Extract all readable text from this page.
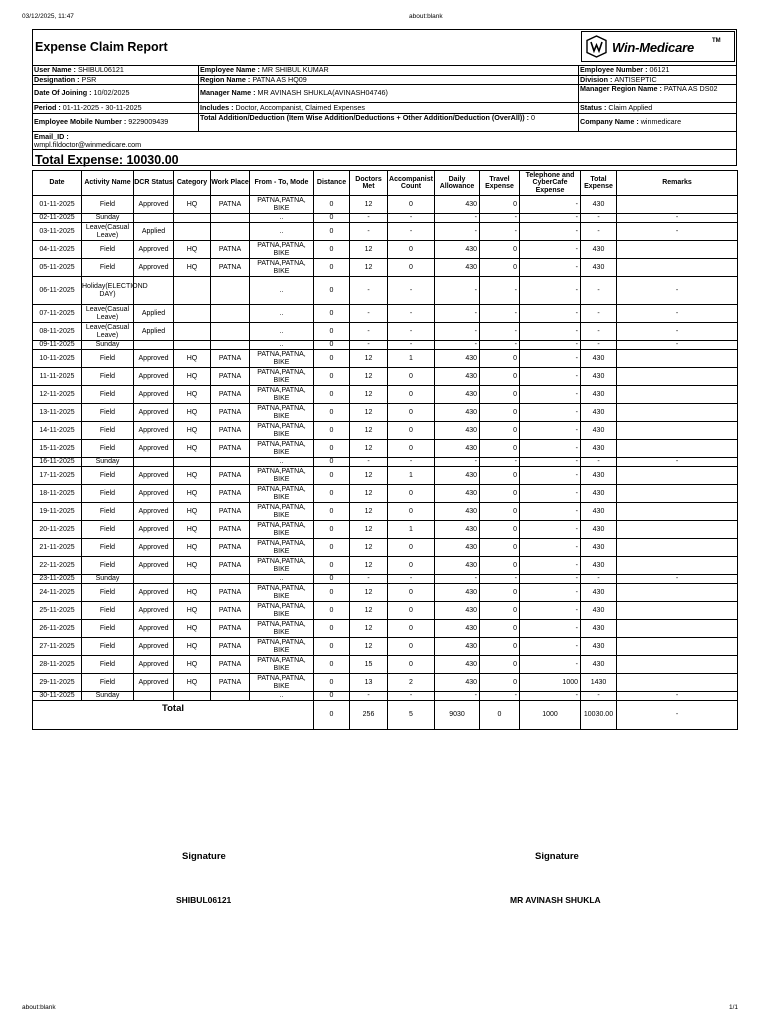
03/12/2025, 11:47	about:blank
Expense Claim Report	Win-Medicare	TM
User Name : SHIBUL06121	Employee Name : MR SHIBUL KUMAR	Employee Number : 06121
Designation : PSR	Region Name : PATNA AS HQ09	Division : ANTISEPTIC
Date Of Joining : 10/02/2025	Manager Name : MR AVINASH SHUKLA(AVINASH04746)	Manager Region Name : PATNA AS DS02
Period : 01-11-2025 - 30-11-2025	Includes : Doctor, Accompanist, Claimed Expenses	Status : Claim Applied
Employee Mobile Number : 9229009439	Total Addition/Deduction (Item Wise Addition/Deductions + Other Addition/Deduction (OverAll)) : 0	Company Name : winmedicare
Email_ID :
wmpl.fildoctor@winmedicare.com
Total Expense: 10030.00
Date	Activity Name	DCR Status	Category	Work Place	From - To, Mode	Distance	Doctors Met	Accompanist Count	Daily Allowance	Travel Expense	Telephone and CyberCafe Expense	Total Expense	Remarks
01-11-2025	Field	Approved	HQ	PATNA	PATNA,PATNA, BIKE	0	12	0	430	0	-	430	
02-11-2025	Sunday				..	0	-	-	-	-	-	-	-
03-11-2025	Leave(Casual Leave)	Applied			..	0	-	-	-	-	-	-	-
04-11-2025	Field	Approved	HQ	PATNA	PATNA,PATNA, BIKE	0	12	0	430	0	-	430	
05-11-2025	Field	Approved	HQ	PATNA	PATNA,PATNA, BIKE	0	12	0	430	0	-	430	
06-11-2025	Holiday(ELECTIOND DAY)				..	0	-	-	-	-	-	-	-
07-11-2025	Leave(Casual Leave)	Applied			..	0	-	-	-	-	-	-	-
08-11-2025	Leave(Casual Leave)	Applied			..	0	-	-	-	-	-	-	-
09-11-2025	Sunday				..	0	-	-	-	-	-	-	-
10-11-2025	Field	Approved	HQ	PATNA	PATNA,PATNA, BIKE	0	12	1	430	0	-	430	
11-11-2025	Field	Approved	HQ	PATNA	PATNA,PATNA, BIKE	0	12	0	430	0	-	430	
12-11-2025	Field	Approved	HQ	PATNA	PATNA,PATNA, BIKE	0	12	0	430	0	-	430	
13-11-2025	Field	Approved	HQ	PATNA	PATNA,PATNA, BIKE	0	12	0	430	0	-	430	
14-11-2025	Field	Approved	HQ	PATNA	PATNA,PATNA, BIKE	0	12	0	430	0	-	430	
15-11-2025	Field	Approved	HQ	PATNA	PATNA,PATNA, BIKE	0	12	0	430	0	-	430	
16-11-2025	Sunday				..	0	-	-	-	-	-	-	-
17-11-2025	Field	Approved	HQ	PATNA	PATNA,PATNA, BIKE	0	12	1	430	0	-	430	
18-11-2025	Field	Approved	HQ	PATNA	PATNA,PATNA, BIKE	0	12	0	430	0	-	430	
19-11-2025	Field	Approved	HQ	PATNA	PATNA,PATNA, BIKE	0	12	0	430	0	-	430	
20-11-2025	Field	Approved	HQ	PATNA	PATNA,PATNA, BIKE	0	12	1	430	0	-	430	
21-11-2025	Field	Approved	HQ	PATNA	PATNA,PATNA, BIKE	0	12	0	430	0	-	430	
22-11-2025	Field	Approved	HQ	PATNA	PATNA,PATNA, BIKE	0	12	0	430	0	-	430	
23-11-2025	Sunday				..	0	-	-	-	-	-	-	-
24-11-2025	Field	Approved	HQ	PATNA	PATNA,PATNA, BIKE	0	12	0	430	0	-	430	
25-11-2025	Field	Approved	HQ	PATNA	PATNA,PATNA, BIKE	0	12	0	430	0	-	430	
26-11-2025	Field	Approved	HQ	PATNA	PATNA,PATNA, BIKE	0	12	0	430	0	-	430	
27-11-2025	Field	Approved	HQ	PATNA	PATNA,PATNA, BIKE	0	12	0	430	0	-	430	
28-11-2025	Field	Approved	HQ	PATNA	PATNA,PATNA, BIKE	0	15	0	430	0	-	430	
29-11-2025	Field	Approved	HQ	PATNA	PATNA,PATNA, BIKE	0	13	2	430	0	1000	1430	
30-11-2025	Sunday				..	0	-	-	-	-	-	-	-
Total						0	256	5	9030	0	1000	10030.00	-
Signature
SHIBUL06121
Signature
MR AVINASH SHUKLA
about:blank	1/1
